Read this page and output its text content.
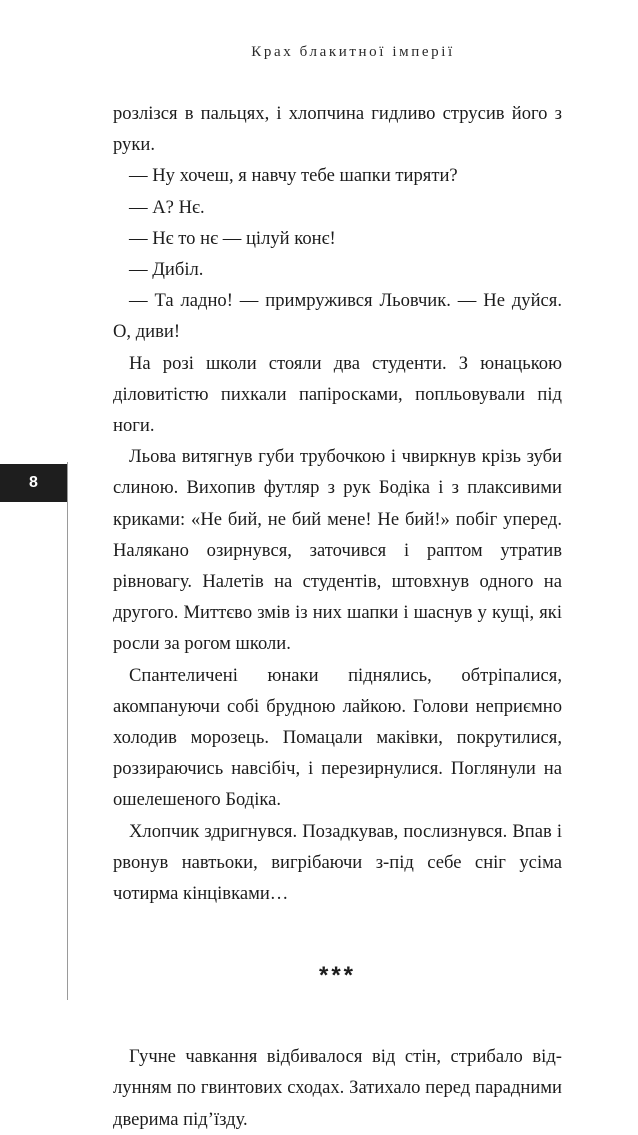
Крах блакитної імперії
8

розлізся в пальцях, і хлопчина гидливо струсив його з руки.

— Ну хочеш, я навчу тебе шапки тиряти?

— А? Нє.

— Нє то нє — цілуй конє!

— Дибіл.

— Та ладно! — примружився Льовчик. — Не дуйся. О, диви!

На розі школи стояли два студенти. З юнацькою діловитістю пихкали папіросками, попльовували під ноги.

Льова витягнув губи трубочкою і чвиркнув крізь зуби слиною. Вихопив футляр з рук Бодіка і з плаксивими криками: «Не бий, не бий мене! Не бий!» побіг уперед. Налякано озирнувся, заточився і раптом утратив рівновагу. Налетів на студентів, штовхнув одного на другого. Миттєво змів із них шапки і шаснув у кущі, які росли за рогом школи.

Спантеличені юнаки піднялись, обтріпалися, акомпануючи собі брудною лайкою. Голови неприємно холодив морозець. Помацали маківки, покрутилися, роззираючись навсібіч, і перезирнулися. Поглянули на ошелешеного Бодіка.

Хлопчик здригнувся. Позадкував, послизнувся. Впав і рвонув навтьоки, вигрібаючи з-під себе сніг усіма чотирма кінцівками…

***

Гучне чавкання відбивалося від стін, стрибало відлунням по гвинтових сходах. Затихало перед парадними дверима під’їзду.
